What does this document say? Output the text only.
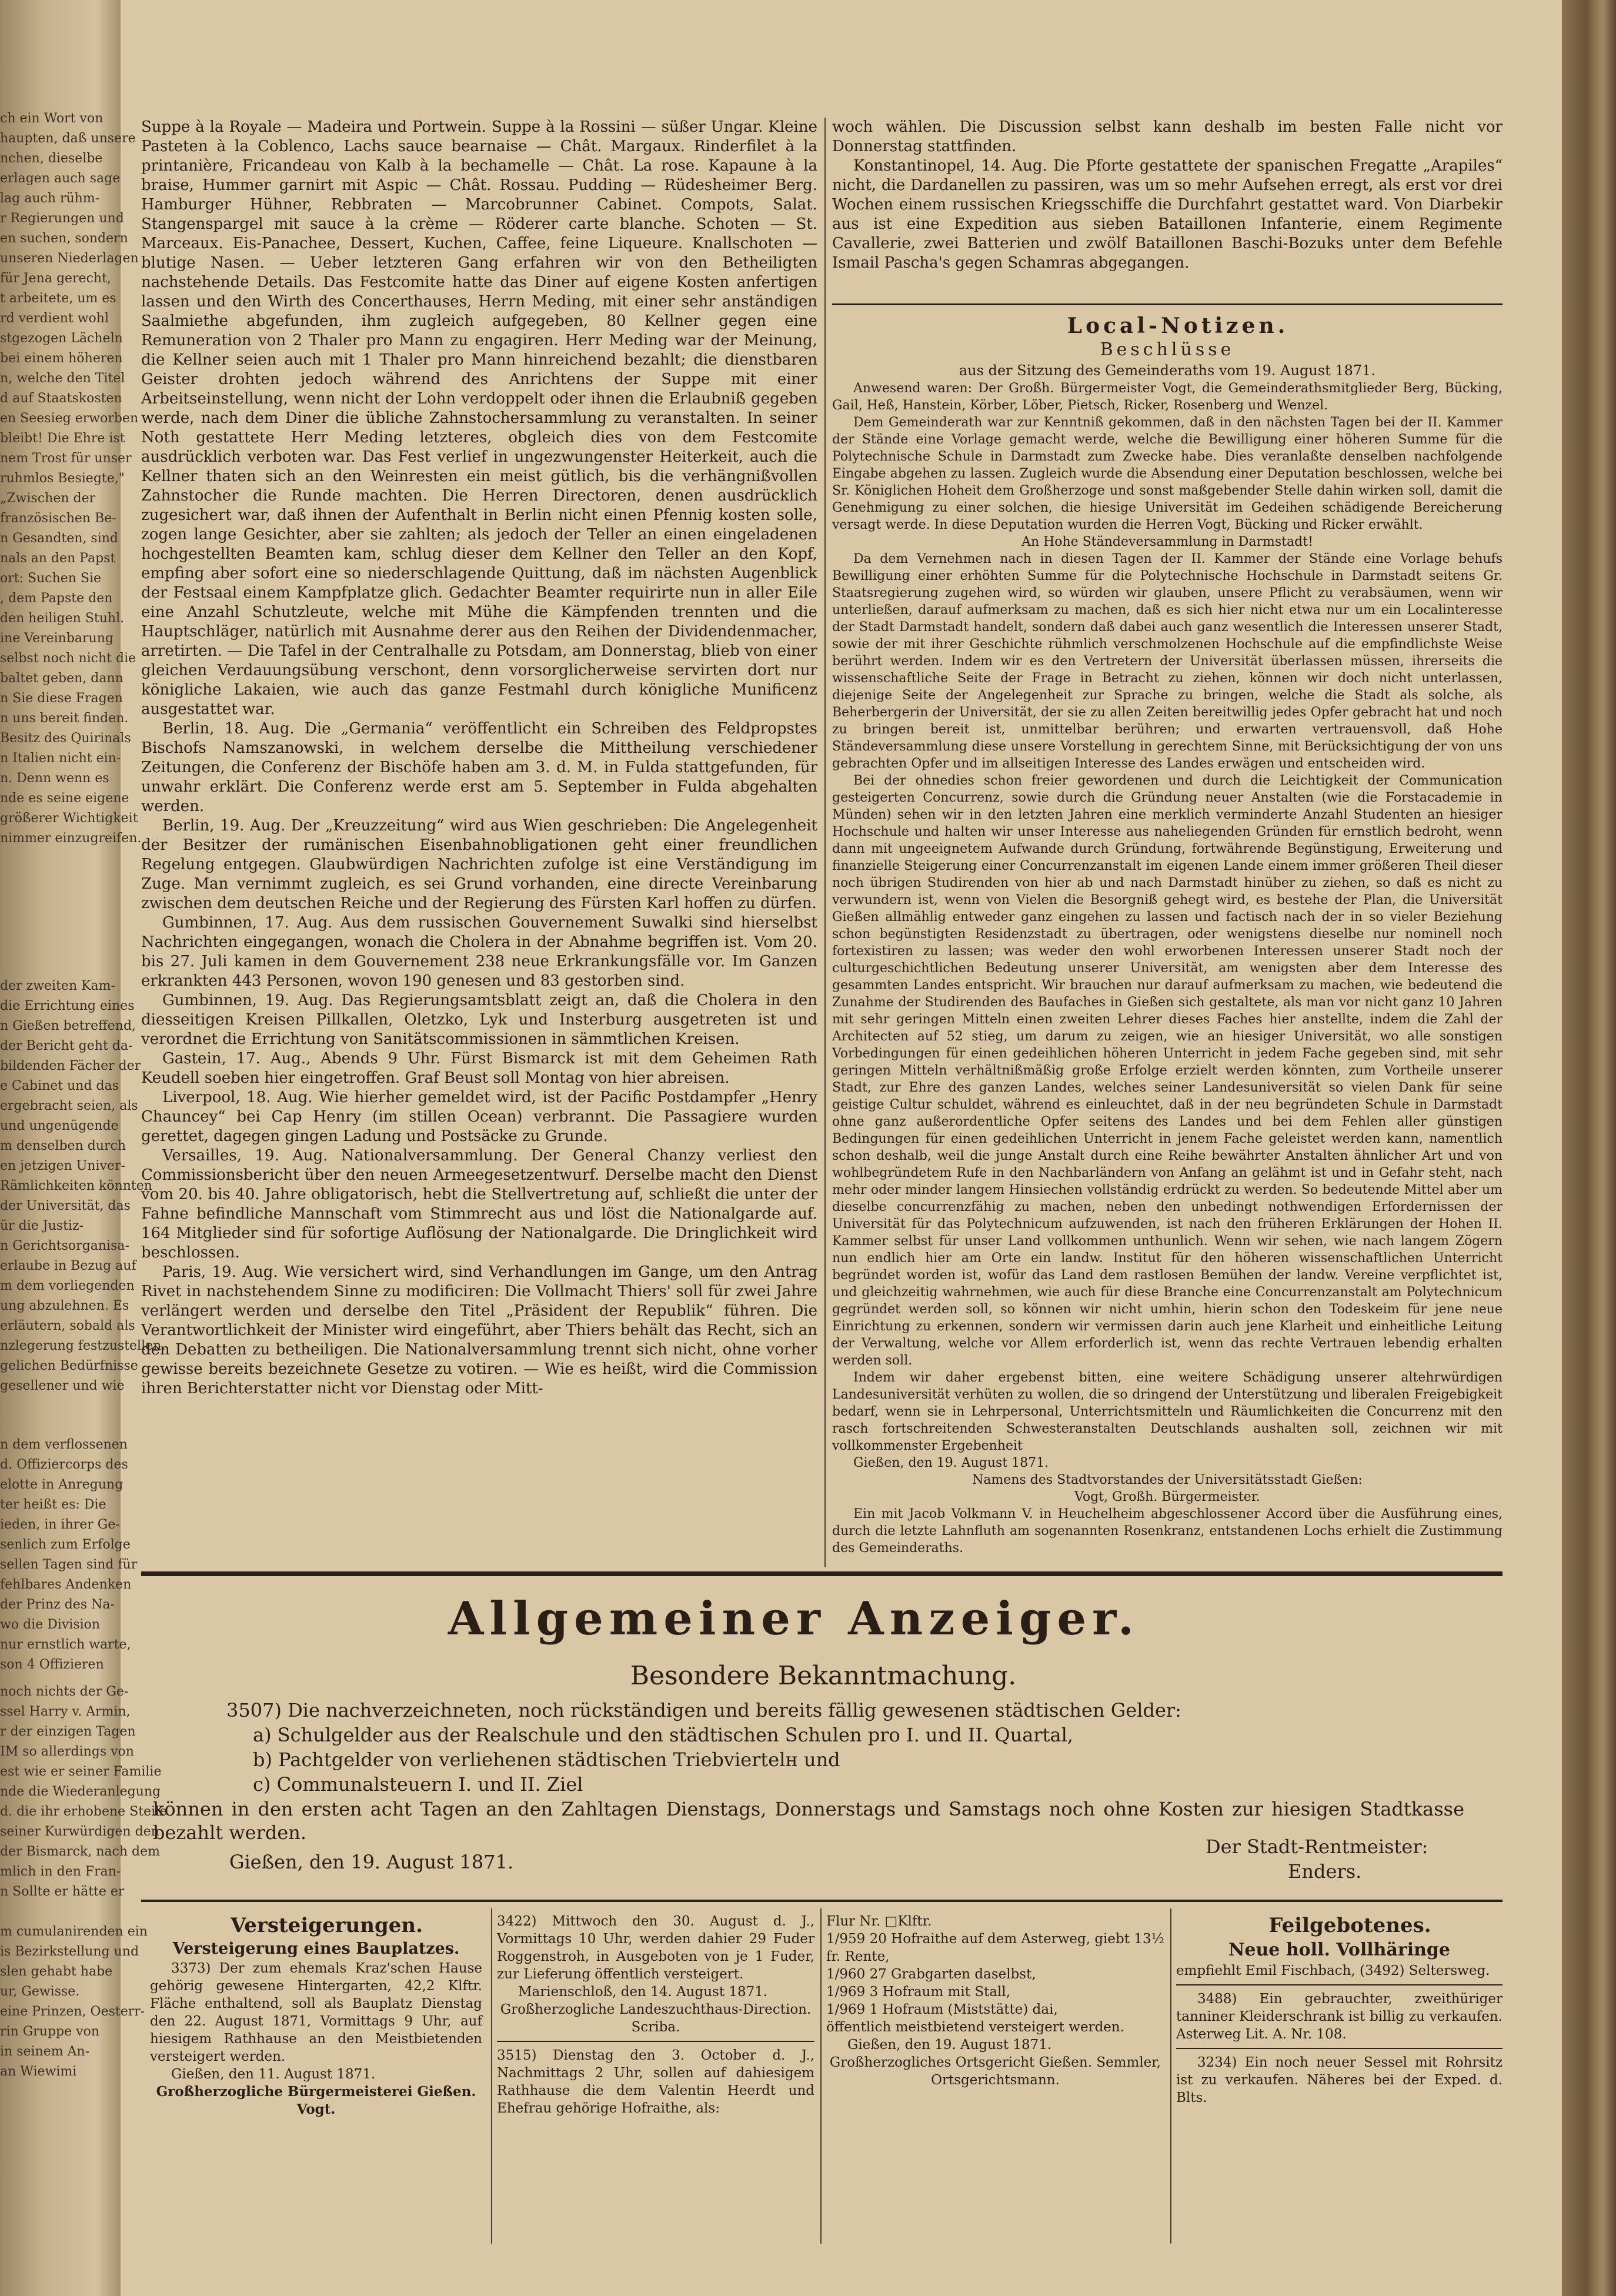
ch ein Wort von
haupten, daß unsere
nchen, dieselbe
erlagen auch sage
lag auch rühm-
r Regierungen und
en suchen, sondern
unseren Niederlagen
für Jena gerecht,
t arbeitete, um es
rd verdient wohl
stgezogen Lächeln
bei einem höheren
n, welche den Titel
d auf Staatskosten
en Seesieg erworben
bleibt! Die Ehre ist
nem Trost für unser
ruhmlos Besiegte,"
„Zwischen der
französischen Be-
n Gesandten, sind
nals an den Papst
ort: Suchen Sie
, dem Papste den
den heiligen Stuhl.
ine Vereinbarung
selbst noch nicht die
baltet geben, dann
n Sie diese Fragen
n uns bereit finden.
Besitz des Quirinals
n Italien nicht ein-
n. Denn wenn es
nde es seine eigene
größerer Wichtigkeit
nimmer einzugreifen.
der zweiten Kam-
die Errichtung eines
n Gießen betreffend,
der Bericht geht da-
bildenden Fächer der
e Cabinet und das
ergebracht seien, als
und ungenügende
m denselben durch
en jetzigen Univer-
Rämlichkeiten könnten
der Universität, das
ür die Justiz-
n Gerichtsorganisa-
erlaube in Bezug auf
m dem vorliegenden
ung abzulehnen. Es
erläutern, sobald als
nzlegerung festzustellen.
gelichen Bedürfnisse
gesellener und wie
n dem verflossenen
d. Offiziercorps des
elotte in Anregung
ter heißt es: Die
ieden, in ihrer Ge-
senlich zum Erfolge
sellen Tagen sind für
fehlbares Andenken
der Prinz des Na-
wo die Division
nur ernstlich warte,
son 4 Offizieren
noch nichts der Ge-
ssel Harry v. Armin,
r der einzigen Tagen
IM so allerdings von
est wie er seiner Familie
nde die Wiederanlegung
d. die ihr erhobene Steile
seiner Kurwürdigen den
der Bismarck, nach dem
mlich in den Fran-
n Sollte er hätte er

m cumulanirenden ein
is Bezirkstellung und
slen gehabt habe
ur, Gewisse.
eine Prinzen, Oesterr-
rin Gruppe von
in seinem An-
an Wiewimi

Suppe à la Royale — Madeira und Portwein. Suppe à la Rossini — süßer Ungar. Kleine Pasteten à la Coblenco, Lachs sauce bearnaise — Chât. Margaux. Rinderfilet à la printanière, Fricandeau von Kalb à la bechamelle — Chât. La rose. Kapaune à la braise, Hummer garnirt mit Aspic — Chât. Rossau. Pudding — Rüdesheimer Berg. Hamburger Hühner, Rebbraten — Marcobrunner Cabinet. Compots, Salat. Stangenspargel mit sauce à la crème — Röderer carte blanche. Schoten — St. Marceaux. Eis-Panachee, Dessert, Kuchen, Caffee, feine Liqueure. Knallschoten — blutige Nasen. — Ueber letzteren Gang erfahren wir von den Betheiligten nachstehende Details. Das Festcomite hatte das Diner auf eigene Kosten anfertigen lassen und den Wirth des Concerthauses, Herrn Meding, mit einer sehr anständigen Saalmiethe abgefunden, ihm zugleich aufgegeben, 80 Kellner gegen eine Remuneration von 2 Thaler pro Mann zu engagiren. Herr Meding war der Meinung, die Kellner seien auch mit 1 Thaler pro Mann hinreichend bezahlt; die dienstbaren Geister drohten jedoch während des Anrichtens der Suppe mit einer Arbeitseinstellung, wenn nicht der Lohn verdoppelt oder ihnen die Erlaubniß gegeben werde, nach dem Diner die übliche Zahnstochersammlung zu veranstalten. In seiner Noth gestattete Herr Meding letzteres, obgleich dies von dem Festcomite ausdrücklich verboten war. Das Fest verlief in ungezwungenster Heiterkeit, auch die Kellner thaten sich an den Weinresten ein meist gütlich, bis die verhängnißvollen Zahnstocher die Runde machten. Die Herren Directoren, denen ausdrücklich zugesichert war, daß ihnen der Aufenthalt in Berlin nicht einen Pfennig kosten solle, zogen lange Gesichter, aber sie zahlten; als jedoch der Teller an einen eingeladenen hochgestellten Beamten kam, schlug dieser dem Kellner den Teller an den Kopf, empfing aber sofort eine so niederschlagende Quittung, daß im nächsten Augenblick der Festsaal einem Kampfplatze glich. Gedachter Beamter requirirte nun in aller Eile eine Anzahl Schutzleute, welche mit Mühe die Kämpfenden trennten und die Hauptschläger, natürlich mit Ausnahme derer aus den Reihen der Dividendenmacher, arretirten. — Die Tafel in der Centralhalle zu Potsdam, am Donnerstag, blieb von einer gleichen Verdauungsübung verschont, denn vorsorglicherweise servirten dort nur königliche Lakaien, wie auch das ganze Festmahl durch königliche Munificenz ausgestattet war.

Berlin, 18. Aug. Die „Germania“ veröffentlicht ein Schreiben des Feldpropstes Bischofs Namszanowski, in welchem derselbe die Mittheilung verschiedener Zeitungen, die Conferenz der Bischöfe haben am 3. d. M. in Fulda stattgefunden, für unwahr erklärt. Die Conferenz werde erst am 5. September in Fulda abgehalten werden.

Berlin, 19. Aug. Der „Kreuzzeitung“ wird aus Wien geschrieben: Die Angelegenheit der Besitzer der rumänischen Eisenbahnobligationen geht einer freundlichen Regelung entgegen. Glaubwürdigen Nachrichten zufolge ist eine Verständigung im Zuge. Man vernimmt zugleich, es sei Grund vorhanden, eine directe Vereinbarung zwischen dem deutschen Reiche und der Regierung des Fürsten Karl hoffen zu dürfen.

Gumbinnen, 17. Aug. Aus dem russischen Gouvernement Suwalki sind hierselbst Nachrichten eingegangen, wonach die Cholera in der Abnahme begriffen ist. Vom 20. bis 27. Juli kamen in dem Gouvernement 238 neue Erkrankungsfälle vor. Im Ganzen erkrankten 443 Personen, wovon 190 genesen und 83 gestorben sind.

Gumbinnen, 19. Aug. Das Regierungsamtsblatt zeigt an, daß die Cholera in den diesseitigen Kreisen Pillkallen, Oletzko, Lyk und Insterburg ausgetreten ist und verordnet die Errichtung von Sanitätscommissionen in sämmtlichen Kreisen.

Gastein, 17. Aug., Abends 9 Uhr. Fürst Bismarck ist mit dem Geheimen Rath Keudell soeben hier eingetroffen. Graf Beust soll Montag von hier abreisen.

Liverpool, 18. Aug. Wie hierher gemeldet wird, ist der Pacific Postdampfer „Henry Chauncey“ bei Cap Henry (im stillen Ocean) verbrannt. Die Passagiere wurden gerettet, dagegen gingen Ladung und Postsäcke zu Grunde.

Versailles, 19. Aug. Nationalversammlung. Der General Chanzy verliest den Commissionsbericht über den neuen Armeegesetzentwurf. Derselbe macht den Dienst vom 20. bis 40. Jahre obligatorisch, hebt die Stellvertretung auf, schließt die unter der Fahne befindliche Mannschaft vom Stimmrecht aus und löst die Nationalgarde auf. 164 Mitglieder sind für sofortige Auflösung der Nationalgarde. Die Dringlichkeit wird beschlossen.

Paris, 19. Aug. Wie versichert wird, sind Verhandlungen im Gange, um den Antrag Rivet in nachstehendem Sinne zu modificiren: Die Vollmacht Thiers' soll für zwei Jahre verlängert werden und derselbe den Titel „Präsident der Republik“ führen. Die Verantwortlichkeit der Minister wird eingeführt, aber Thiers behält das Recht, sich an den Debatten zu betheiligen. Die Nationalversammlung trennt sich nicht, ohne vorher gewisse bereits bezeichnete Gesetze zu votiren. — Wie es heißt, wird die Commission ihren Berichterstatter nicht vor Dienstag oder Mitt-

woch wählen. Die Discussion selbst kann deshalb im besten Falle nicht vor Donnerstag stattfinden.

Konstantinopel, 14. Aug. Die Pforte gestattete der spanischen Fregatte „Arapiles“ nicht, die Dardanellen zu passiren, was um so mehr Aufsehen erregt, als erst vor drei Wochen einem russischen Kriegsschiffe die Durchfahrt gestattet ward. Von Diarbekir aus ist eine Expedition aus sieben Bataillonen Infanterie, einem Regimente Cavallerie, zwei Batterien und zwölf Bataillonen Baschi-Bozuks unter dem Befehle Ismail Pascha's gegen Schamras abgegangen.

Local-Notizen.

Beschlüsse

aus der Sitzung des Gemeinderaths vom 19. August 1871.

Anwesend waren: Der Großh. Bürgermeister Vogt, die Gemeinderathsmitglieder Berg, Bücking, Gail, Heß, Hanstein, Körber, Löber, Pietsch, Ricker, Rosenberg und Wenzel.

Dem Gemeinderath war zur Kenntniß gekommen, daß in den nächsten Tagen bei der II. Kammer der Stände eine Vorlage gemacht werde, welche die Bewilligung einer höheren Summe für die Polytechnische Schule in Darmstadt zum Zwecke habe. Dies veranlaßte denselben nachfolgende Eingabe abgehen zu lassen. Zugleich wurde die Absendung einer Deputation beschlossen, welche bei Sr. Königlichen Hoheit dem Großherzoge und sonst maßgebender Stelle dahin wirken soll, damit die Genehmigung zu einer solchen, die hiesige Universität im Gedeihen schädigende Bereicherung versagt werde. In diese Deputation wurden die Herren Vogt, Bücking und Ricker erwählt.

An Hohe Ständeversammlung in Darmstadt!

Da dem Vernehmen nach in diesen Tagen der II. Kammer der Stände eine Vorlage behufs Bewilligung einer erhöhten Summe für die Polytechnische Hochschule in Darmstadt seitens Gr. Staatsregierung zugehen wird, so würden wir glauben, unsere Pflicht zu verabsäumen, wenn wir unterließen, darauf aufmerksam zu machen, daß es sich hier nicht etwa nur um ein Localinteresse der Stadt Darmstadt handelt, sondern daß dabei auch ganz wesentlich die Interessen unserer Stadt, sowie der mit ihrer Geschichte rühmlich verschmolzenen Hochschule auf die empfindlichste Weise berührt werden. Indem wir es den Vertretern der Universität überlassen müssen, ihrerseits die wissenschaftliche Seite der Frage in Betracht zu ziehen, können wir doch nicht unterlassen, diejenige Seite der Angelegenheit zur Sprache zu bringen, welche die Stadt als solche, als Beherbergerin der Universität, der sie zu allen Zeiten bereitwillig jedes Opfer gebracht hat und noch zu bringen bereit ist, unmittelbar berühren; und erwarten vertrauensvoll, daß Hohe Ständeversammlung diese unsere Vorstellung in gerechtem Sinne, mit Berücksichtigung der von uns gebrachten Opfer und im allseitigen Interesse des Landes erwägen und entscheiden wird.

Bei der ohnedies schon freier gewordenen und durch die Leichtigkeit der Communication gesteigerten Concurrenz, sowie durch die Gründung neuer Anstalten (wie die Forstacademie in Münden) sehen wir in den letzten Jahren eine merklich verminderte Anzahl Studenten an hiesiger Hochschule und halten wir unser Interesse aus naheliegenden Gründen für ernstlich bedroht, wenn dann mit ungeeignetem Aufwande durch Gründung, fortwährende Begünstigung, Erweiterung und finanzielle Steigerung einer Concurrenzanstalt im eigenen Lande einem immer größeren Theil dieser noch übrigen Studirenden von hier ab und nach Darmstadt hinüber zu ziehen, so daß es nicht zu verwundern ist, wenn von Vielen die Besorgniß gehegt wird, es bestehe der Plan, die Universität Gießen allmählig entweder ganz eingehen zu lassen und factisch nach der in so vieler Beziehung schon begünstigten Residenzstadt zu übertragen, oder wenigstens dieselbe nur nominell noch fortexistiren zu lassen; was weder den wohl erworbenen Interessen unserer Stadt noch der culturgeschichtlichen Bedeutung unserer Universität, am wenigsten aber dem Interesse des gesammten Landes entspricht. Wir brauchen nur darauf aufmerksam zu machen, wie bedeutend die Zunahme der Studirenden des Baufaches in Gießen sich gestaltete, als man vor nicht ganz 10 Jahren mit sehr geringen Mitteln einen zweiten Lehrer dieses Faches hier anstellte, indem die Zahl der Architecten auf 52 stieg, um darum zu zeigen, wie an hiesiger Universität, wo alle sonstigen Vorbedingungen für einen gedeihlichen höheren Unterricht in jedem Fache gegeben sind, mit sehr geringen Mitteln verhältnißmäßig große Erfolge erzielt werden könnten, zum Vortheile unserer Stadt, zur Ehre des ganzen Landes, welches seiner Landesuniversität so vielen Dank für seine geistige Cultur schuldet, während es einleuchtet, daß in der neu begründeten Schule in Darmstadt ohne ganz außerordentliche Opfer seitens des Landes und bei dem Fehlen aller günstigen Bedingungen für einen gedeihlichen Unterricht in jenem Fache geleistet werden kann, namentlich schon deshalb, weil die junge Anstalt durch eine Reihe bewährter Anstalten ähnlicher Art und von wohlbegründetem Rufe in den Nachbarländern von Anfang an gelähmt ist und in Gefahr steht, nach mehr oder minder langem Hinsiechen vollständig erdrückt zu werden. So bedeutende Mittel aber um dieselbe concurrenzfähig zu machen, neben den unbedingt nothwendigen Erfordernissen der Universität für das Polytechnicum aufzuwenden, ist nach den früheren Erklärungen der Hohen II. Kammer selbst für unser Land vollkommen unthunlich. Wenn wir sehen, wie nach langem Zögern nun endlich hier am Orte ein landw. Institut für den höheren wissenschaftlichen Unterricht begründet worden ist, wofür das Land dem rastlosen Bemühen der landw. Vereine verpflichtet ist, und gleichzeitig wahrnehmen, wie auch für diese Branche eine Concurrenzanstalt am Polytechnicum gegründet werden soll, so können wir nicht umhin, hierin schon den Todeskeim für jene neue Einrichtung zu erkennen, sondern wir vermissen darin auch jene Klarheit und einheitliche Leitung der Verwaltung, welche vor Allem erforderlich ist, wenn das rechte Vertrauen lebendig erhalten werden soll.

Indem wir daher ergebenst bitten, eine weitere Schädigung unserer altehrwürdigen Landesuniversität verhüten zu wollen, die so dringend der Unterstützung und liberalen Freigebigkeit bedarf, wenn sie in Lehrpersonal, Unterrichtsmitteln und Räumlichkeiten die Concurrenz mit den rasch fortschreitenden Schwesteranstalten Deutschlands aushalten soll, zeichnen wir mit vollkommenster Ergebenheit

Gießen, den 19. August 1871.

Namens des Stadtvorstandes der Universitätsstadt Gießen:

Vogt, Großh. Bürgermeister.

Ein mit Jacob Volkmann V. in Heuchelheim abgeschlossener Accord über die Ausführung eines, durch die letzte Lahnfluth am sogenannten Rosenkranz, entstandenen Lochs erhielt die Zustimmung des Gemeinderaths.

Allgemeiner Anzeiger.
Besondere Bekanntmachung.
3507) Die nachverzeichneten, noch rückständigen und bereits fällig gewesenen städtischen Gelder:
a) Schulgelder aus der Realschule und den städtischen Schulen pro I. und II. Quartal,
b) Pachtgelder von verliehenen städtischen Triebviertelн und
c) Communalsteuern I. und II. Ziel
können in den ersten acht Tagen an den Zahltagen Dienstags, Donnerstags und Samstags noch ohne Kosten zur hiesigen Stadtkasse bezahlt werden.
Gießen, den 19. August 1871.
Der Stadt-Rentmeister:
Enders.

Versteigerungen.

Versteigerung eines Bauplatzes.

3373) Der zum ehemals Kraz'schen Hause gehörig gewesene Hintergarten, 42,2 Klftr. Fläche enthaltend, soll als Bauplatz Dienstag den 22. August 1871, Vormittags 9 Uhr, auf hiesigem Rathhause an den Meistbietenden versteigert werden.

Gießen, den 11. August 1871.

Großherzogliche Bürgermeisterei Gießen. Vogt.

3422) Mittwoch den 30. August d. J., Vormittags 10 Uhr, werden dahier 29 Fuder Roggenstroh, in Ausgeboten von je 1 Fuder, zur Lieferung öffentlich versteigert.

Marienschloß, den 14. August 1871.

Großherzogliche Landeszuchthaus-Direction. Scriba.

3515) Dienstag den 3. October d. J., Nachmittags 2 Uhr, sollen auf dahiesigem Rathhause die dem Valentin Heerdt und Ehefrau gehörige Hofraithe, als:

Flur Nr. □Klftr.

1/959 20 Hofraithe auf dem Asterweg, giebt 13½ fr. Rente,

1/960 27 Grabgarten daselbst,

1/969 3 Hofraum mit Stall,

1/969 1 Hofraum (Miststätte) dai,

öffentlich meistbietend versteigert werden.

Gießen, den 19. August 1871.

Großherzogliches Ortsgericht Gießen. Semmler, Ortsgerichtsmann.

Feilgebotenes.

Neue holl. Vollhäringe

empfiehlt Emil Fischbach, (3492) Seltersweg.

3488) Ein gebrauchter, zweithüriger tanniner Kleiderschrank ist billig zu verkaufen. Asterweg Lit. A. Nr. 108.

3234) Ein noch neuer Sessel mit Rohrsitz ist zu verkaufen. Näheres bei der Exped. d. Blts.
